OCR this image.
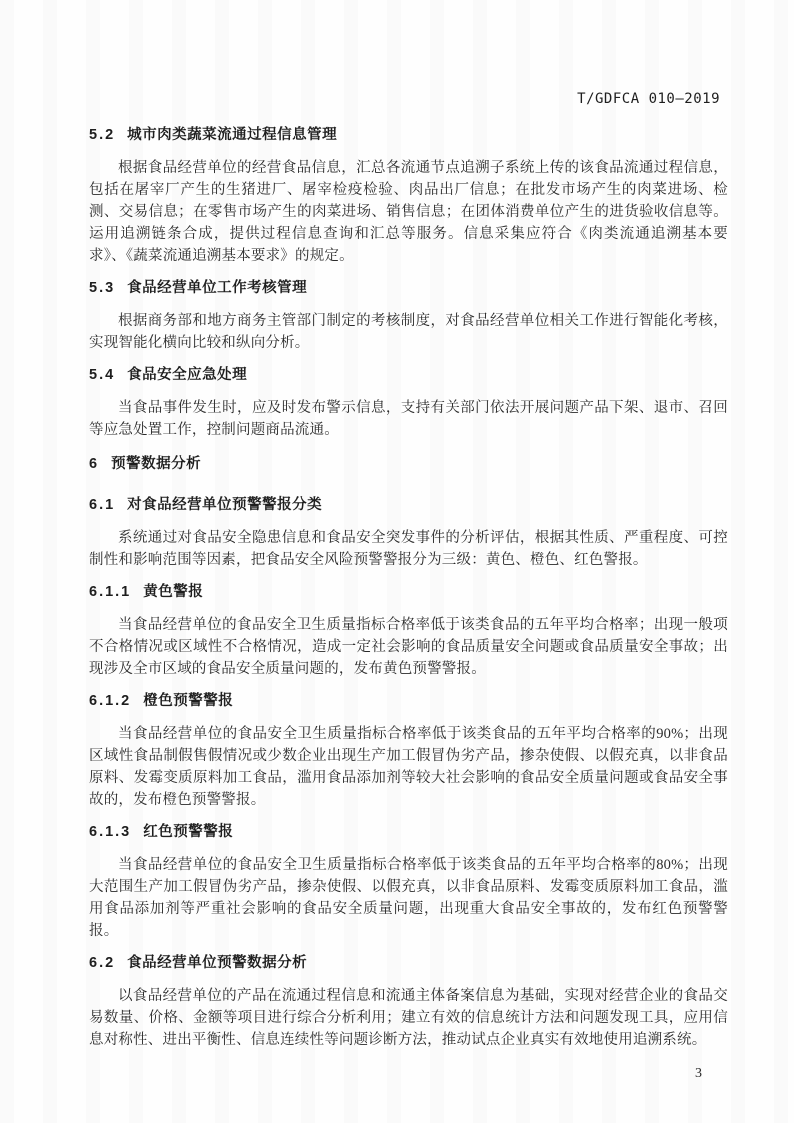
T/GDFCA 010—2019
5.2 城市肉类蔬菜流通过程信息管理

根据食品经营单位的经营食品信息，汇总各流通节点追溯子系统上传的该食品流通过程信息，包括在屠宰厂产生的生猪进厂、屠宰检疫检验、肉品出厂信息；在批发市场产生的肉菜进场、检测、交易信息；在零售市场产生的肉菜进场、销售信息；在团体消费单位产生的进货验收信息等。运用追溯链条合成，提供过程信息查询和汇总等服务。信息采集应符合《肉类流通追溯基本要求》、《蔬菜流通追溯基本要求》的规定。

5.3 食品经营单位工作考核管理

根据商务部和地方商务主管部门制定的考核制度，对食品经营单位相关工作进行智能化考核，实现智能化横向比较和纵向分析。

5.4 食品安全应急处理

当食品事件发生时，应及时发布警示信息，支持有关部门依法开展问题产品下架、退市、召回等应急处置工作，控制问题商品流通。

6 预警数据分析
6.1 对食品经营单位预警警报分类

系统通过对食品安全隐患信息和食品安全突发事件的分析评估，根据其性质、严重程度、可控制性和影响范围等因素，把食品安全风险预警警报分为三级：黄色、橙色、红色警报。

6.1.1 黄色警报

当食品经营单位的食品安全卫生质量指标合格率低于该类食品的五年平均合格率；出现一般项不合格情况或区域性不合格情况，造成一定社会影响的食品质量安全问题或食品质量安全事故；出现涉及全市区域的食品安全质量问题的，发布黄色预警警报。

6.1.2 橙色预警警报

当食品经营单位的食品安全卫生质量指标合格率低于该类食品的五年平均合格率的90%；出现区域性食品制假售假情况或少数企业出现生产加工假冒伪劣产品，掺杂使假、以假充真，以非食品原料、发霉变质原料加工食品，滥用食品添加剂等较大社会影响的食品安全质量问题或食品安全事故的，发布橙色预警警报。

6.1.3 红色预警警报

当食品经营单位的食品安全卫生质量指标合格率低于该类食品的五年平均合格率的80%；出现大范围生产加工假冒伪劣产品，掺杂使假、以假充真，以非食品原料、发霉变质原料加工食品，滥用食品添加剂等严重社会影响的食品安全质量问题，出现重大食品安全事故的，发布红色预警警报。

6.2 食品经营单位预警数据分析

以食品经营单位的产品在流通过程信息和流通主体备案信息为基础，实现对经营企业的食品交易数量、价格、金额等项目进行综合分析利用；建立有效的信息统计方法和问题发现工具，应用信息对称性、进出平衡性、信息连续性等问题诊断方法，推动试点企业真实有效地使用追溯系统。

3
